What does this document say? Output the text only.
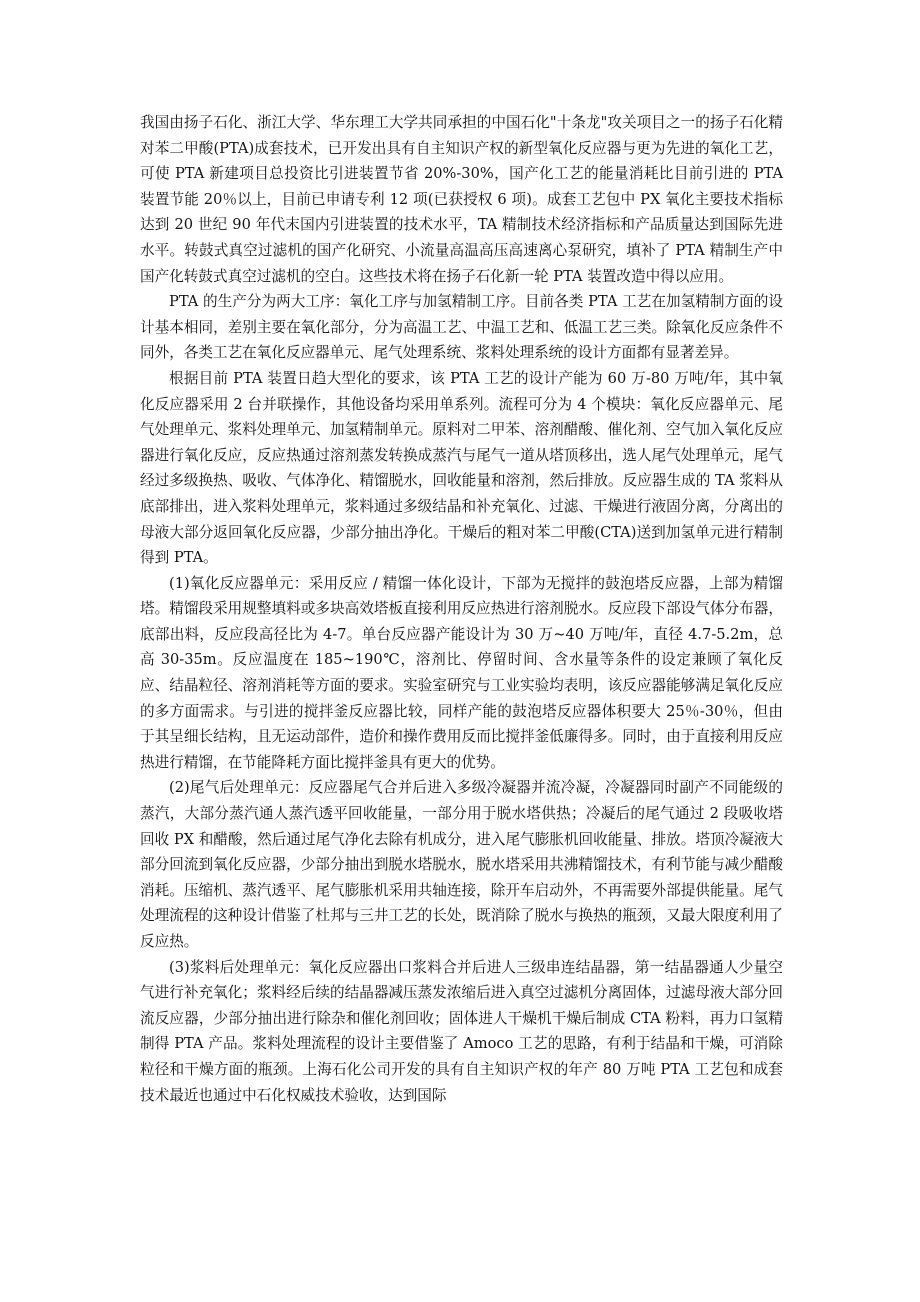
我国由扬子石化、浙江大学、华东理工大学共同承担的中国石化"十条龙"攻关项目之一的扬子石化精对苯二甲酸(PTA)成套技术，已开发出具有自主知识产权的新型氧化反应器与更为先进的氧化工艺，可使 PTA 新建项目总投资比引进装置节省 20%-30%，国产化工艺的能量消耗比目前引进的 PTA 装置节能 20％以上，目前已申请专利 12 项(已获授权 6 项)。成套工艺包中 PX 氧化主要技术指标达到 20 世纪 90 年代末国内引进装置的技术水平，TA 精制技术经济指标和产品质量达到国际先进水平。转鼓式真空过滤机的国产化研究、小流量高温高压高速离心泵研究，填补了 PTA 精制生产中国产化转鼓式真空过滤机的空白。这些技术将在扬子石化新一轮 PTA 装置改造中得以应用。

PTA 的生产分为两大工序：氧化工序与加氢精制工序。目前各类 PTA 工艺在加氢精制方面的设计基本相同，差别主要在氧化部分，分为高温工艺、中温工艺和、低温工艺三类。除氧化反应条件不同外，各类工艺在氧化反应器单元、尾气处理系统、浆料处理系统的设计方面都有显著差异。

根据目前 PTA 装置日趋大型化的要求，该 PTA 工艺的设计产能为 60 万-80 万吨/年，其中氧化反应器采用 2 台并联操作，其他设备均采用单系列。流程可分为 4 个模块：氧化反应器单元、尾气处理单元、浆料处理单元、加氢精制单元。原料对二甲苯、溶剂醋酸、催化剂、空气加入氧化反应器进行氧化反应，反应热通过溶剂蒸发转换成蒸汽与尾气一道从塔顶移出，选人尾气处理单元，尾气经过多级换热、吸收、气体净化、精馏脱水，回收能量和溶剂，然后排放。反应器生成的 TA 浆料从底部排出，进入浆料处理单元，浆料通过多级结晶和补充氧化、过滤、干燥进行液固分离，分离出的母液大部分返回氧化反应器，少部分抽出净化。干燥后的粗对苯二甲酸(CTA)送到加氢单元进行精制得到 PTA。

(1)氧化反应器单元：采用反应 / 精馏一体化设计，下部为无搅拌的鼓泡塔反应器，上部为精馏塔。精馏段采用规整填料或多块高效塔板直接利用反应热进行溶剂脱水。反应段下部设气体分布器，底部出料，反应段高径比为 4-7。单台反应器产能设计为 30 万~40 万吨/年，直径 4.7-5.2m，总高 30-35m。反应温度在 185~190℃，溶剂比、停留时间、含水量等条件的设定兼顾了氧化反应、结晶粒径、溶剂消耗等方面的要求。实验室研究与工业实验均表明，该反应器能够满足氧化反应的多方面需求。与引进的搅拌釜反应器比较，同样产能的鼓泡塔反应器体积要大 25％-30％，但由于其呈细长结构，且无运动部件，造价和操作费用反而比搅拌釜低廉得多。同时，由于直接利用反应热进行精馏，在节能降耗方面比搅拌釜具有更大的优势。

(2)尾气后处理单元：反应器尾气合并后进入多级冷凝器并流冷凝，冷凝器同时副产不同能级的蒸汽，大部分蒸汽通人蒸汽透平回收能量，一部分用于脱水塔供热；冷凝后的尾气通过 2 段吸收塔回收 PX 和醋酸，然后通过尾气净化去除有机成分，进入尾气膨胀机回收能量、排放。塔顶冷凝液大部分回流到氧化反应器，少部分抽出到脱水塔脱水，脱水塔采用共沸精馏技术，有利节能与减少醋酸消耗。压缩机、蒸汽透平、尾气膨胀机采用共轴连接，除开车启动外，不再需要外部提供能量。尾气处理流程的这种设计借鉴了杜邦与三井工艺的长处，既消除了脱水与换热的瓶颈，又最大限度利用了反应热。

(3)浆料后处理单元：氧化反应器出口浆料合并后进人三级串连结晶器，第一结晶器通人少量空气进行补充氧化；浆料经后续的结晶器减压蒸发浓缩后进入真空过滤机分离固体，过滤母液大部分回流反应器，少部分抽出进行除杂和催化剂回收；固体进人干燥机干燥后制成 CTA 粉料，再力口氢精制得 PTA 产品。浆料处理流程的设计主要借鉴了 Amoco 工艺的思路，有利于结晶和干燥，可消除粒径和干燥方面的瓶颈。上海石化公司开发的具有自主知识产权的年产 80 万吨 PTA 工艺包和成套技术最近也通过中石化权威技术验收，达到国际
